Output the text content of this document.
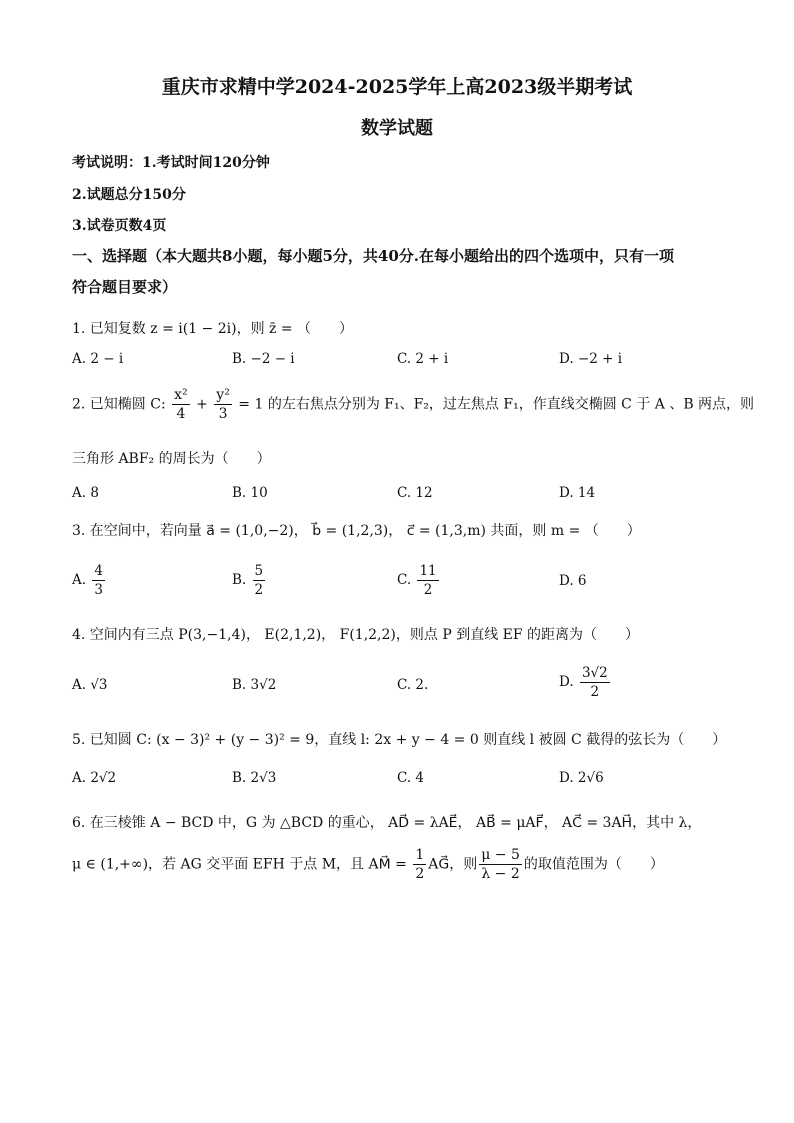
重庆市求精中学2024-2025学年上高2023级半期考试
数学试题
考试说明：1.考试时间120分钟
2.试题总分150分
3.试卷页数4页
一、选择题（本大题共8小题，每小题5分，共40分.在每小题给出的四个选项中，只有一项
符合题目要求）
1. 已知复数 z = i(1 − 2i)，则 z̄ = （　　）
A. 2 − i	B. −2 − i	C. 2 + i	D. −2 + i
2. 已知椭圆 C: $\frac{\text{x²}}{4} + \frac{\text{y²}}{3} = 1$ 的左右焦点分别为 F₁、F₂，过左焦点 F₁，作直线交椭圆 C 于 A 、B 两点，则
三角形 ABF₂ 的周长为（　　）
A. 8	B. 10	C. 12	D. 14
3. 在空间中，若向量 a⃗ = (1,0,−2)， b⃗ = (1,2,3)， c⃗ = (1,3,m) 共面，则 m = （　　）
A. $\frac{4}{3}$	B. $\frac{5}{2}$	C. $\frac{11}{2}$	D. 6
4. 空间内有三点 P(3,−1,4)， E(2,1,2)， F(1,2,2)，则点 P 到直线 EF 的距离为（　　）
A. √3	B. 3√2	C. 2.	D. $\frac{3√2}{2}$
5. 已知圆 C: (x − 3)² + (y − 3)² = 9，直线 l: 2x + y − 4 = 0 则直线 l 被圆 C 截得的弦长为（　　）
A. 2√2	B. 2√3	C. 4	D. 2√6
6. 在三棱锥 A − BCD 中，G 为 △BCD 的重心， AD⃗ = λAE⃗， AB⃗ = μAF⃗， AC⃗ = 3AH⃗，其中 λ，
μ ∈ (1,+∞)，若 AG 交平面 EFH 于点 M，且 AM⃗ = $\frac{1}{2}$ AG⃗，则 $\frac{\mu - 5}{\lambda - 2}$ 的取值范围为（　　）
